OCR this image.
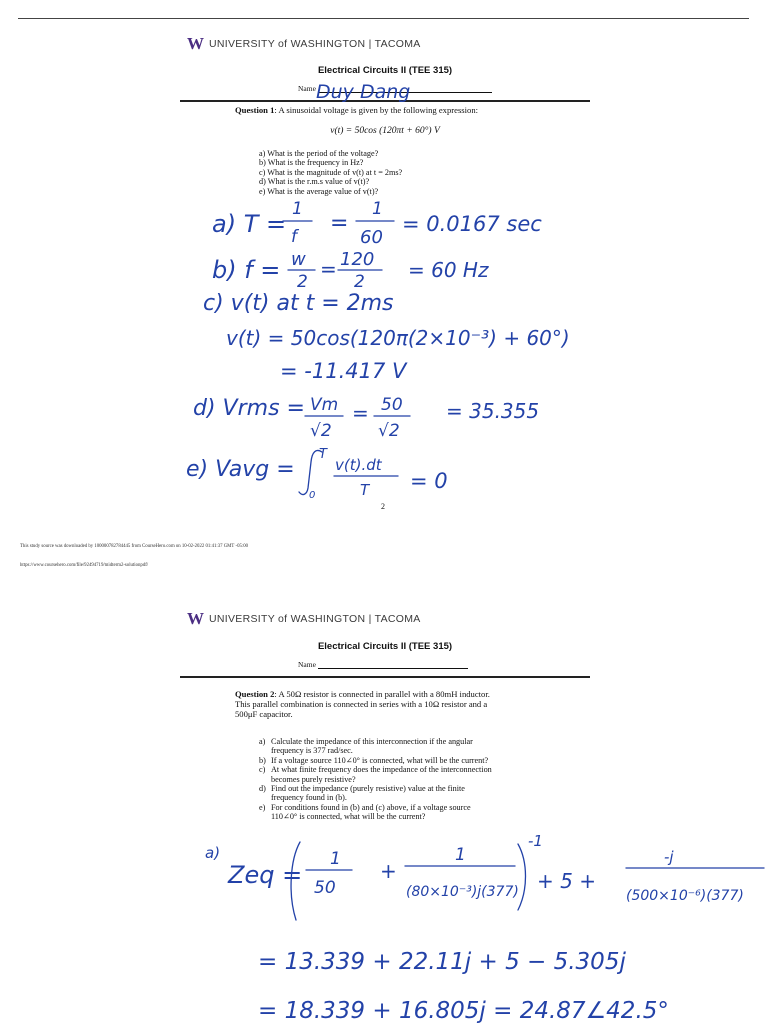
W UNIVERSITY of WASHINGTON | TACOMA
Electrical Circuits II (TEE 315)
Name
Question 1: A sinusoidal voltage is given by the following expression:
v(t) = 50cos (120πt + 60°) V
a) What is the period of the voltage?
b) What is the frequency in Hz?
c) What is the magnitude of v(t) at t = 2ms?
d) What is the r.m.s value of v(t)?
e) What is the average value of v(t)?
Duy Dang
a) T =
1
f
=
1
60
= 0.0167 sec
b) f = w
2
= 120
2 = 60 Hz
c) v(t) at t = 2ms
v(t) = 50cos(120π(2×10⁻³) + 60°)
= -11.417 V
d) Vrms = Vm
√2
= 50
√2
= 35.355
e) Vavg =
T
0
v(t).dt
T = 0
2
This study source was downloaded by 100000782784445 from CourseHero.com on 10-02-2022 01:41:37 GMT -05:00
https://www.coursehero.com/file/92494719/midterm2-solutionpdf/
W UNIVERSITY of WASHINGTON | TACOMA
Electrical Circuits II (TEE 315)
Name
Question 2: A 50Ω resistor is connected in parallel with a 80mH inductor.
This parallel combination is connected in series with a 10Ω resistor and a
500μF capacitor.
a) Calculate the impedance of this interconnection if the angular
frequency is 377 rad/sec.
b) If a voltage source 110∠0° is connected, what will be the current?
c) At what finite frequency does the impedance of the interconnection
becomes purely resistive?
d) Find out the impedance (purely resistive) value at the finite
frequency found in (b).
e) For conditions found in (b) and (c) above, if a voltage source
110∠0° is connected, what will be the current?
a)
Zeq =
1
50
+
1
(80×10⁻³)j(377)
-1
+ 5 +
-j
(500×10⁻⁶)(377)
= 13.339 + 22.11j + 5 − 5.305j
= 18.339 + 16.805j = 24.87∠42.5°
